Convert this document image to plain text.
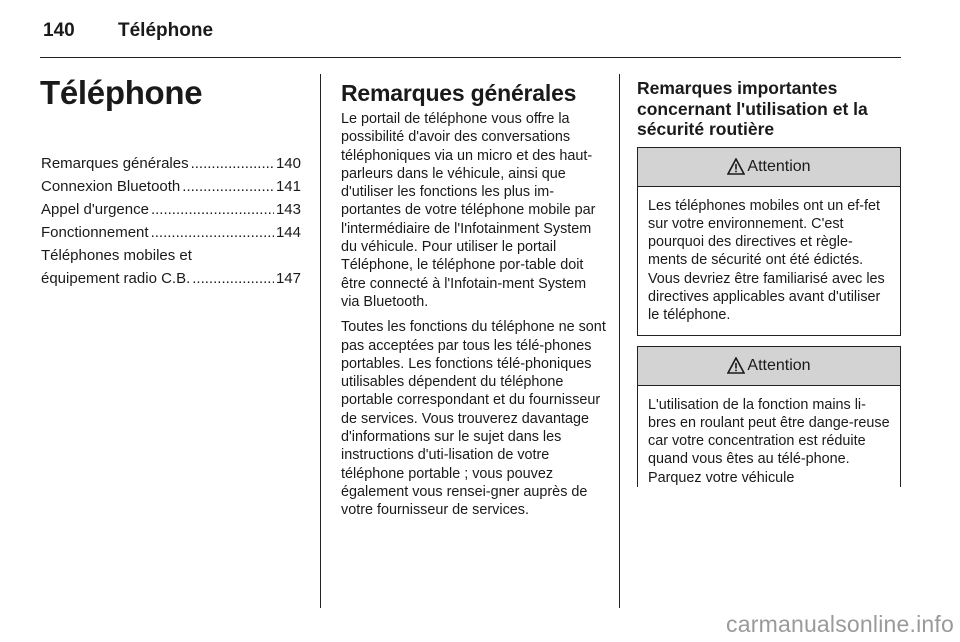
140 Téléphone
Téléphone
Remarques générales .....	140
Connexion Bluetooth .....	141
Appel d'urgence .....	143
Fonctionnement .....	144
Téléphones mobiles et
équipement radio C.B. .....	147
Remarques générales

Le portail de téléphone vous offre la possibilité d'avoir des conversations téléphoniques via un micro et des haut-parleurs dans le véhicule, ainsi que d'utiliser les fonctions les plus im-portantes de votre téléphone mobile par l'intermédiaire de l'Infotainment System du véhicule. Pour utiliser le portail Téléphone, le téléphone por-table doit être connecté à l'Infotain-ment System via Bluetooth.

Toutes les fonctions du téléphone ne sont pas acceptées par tous les télé-phones portables. Les fonctions télé-phoniques utilisables dépendent du téléphone portable correspondant et du fournisseur de services. Vous trouverez davantage d'informations sur le sujet dans les instructions d'uti-lisation de votre téléphone portable ; vous pouvez également vous rensei-gner auprès de votre fournisseur de services.

Remarques importantes concernant l'utilisation et la sécurité routière
Attention
Les téléphones mobiles ont un ef-fet sur votre environnement. C'est pourquoi des directives et règle-ments de sécurité ont été édictés. Vous devriez être familiarisé avec les directives applicables avant d'utiliser le téléphone.
Attention
L'utilisation de la fonction mains li-bres en roulant peut être dange-reuse car votre concentration est réduite quand vous êtes au télé-phone. Parquez votre véhicule
carmanualsonline.info
